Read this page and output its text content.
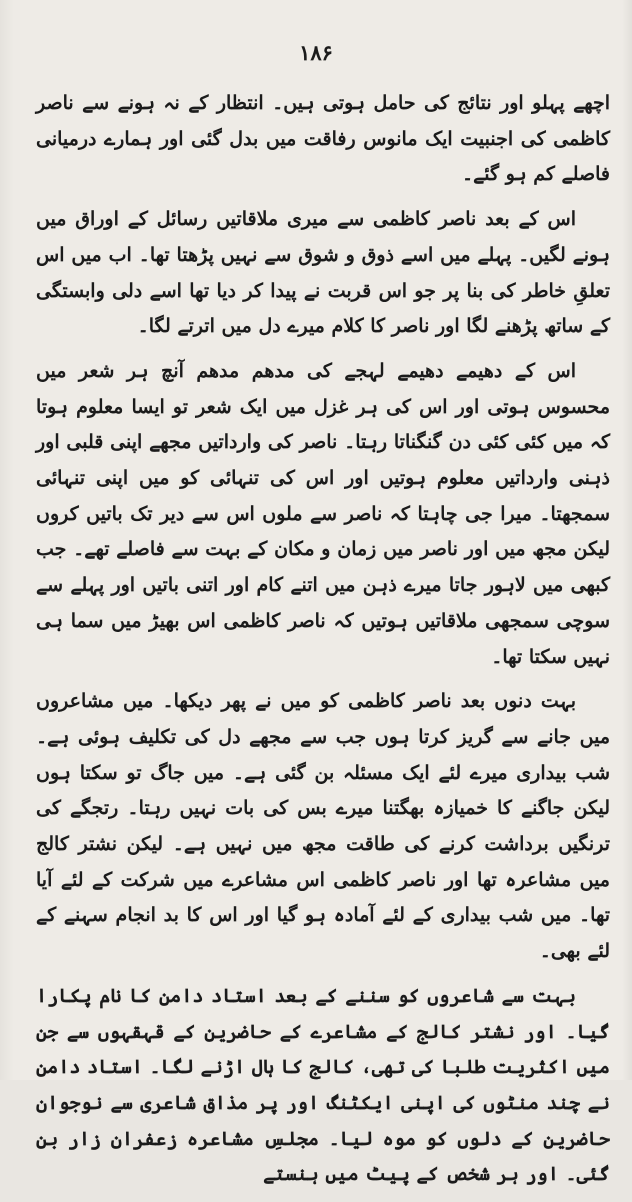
۱۸۶

اچھے پہلو اور نتائج کی حامل ہوتی ہیں۔ انتظار کے نہ ہونے سے ناصر کاظمی کی اجنبیت ایک مانوس رفاقت میں بدل گئی اور ہمارے درمیانی فاصلے کم ہو گئے۔

اس کے بعد ناصر کاظمی سے میری ملاقاتیں رسائل کے اوراق میں ہونے لگیں۔ پہلے میں اسے ذوق و شوق سے نہیں پڑھتا تھا۔ اب میں اس تعلقِ خاطر کی بنا پر جو اس قربت نے پیدا کر دیا تھا اسے دلی وابستگی کے ساتھ پڑھنے لگا اور ناصر کا کلام میرے دل میں اترتے لگا۔

اس کے دھیمے دھیمے لہجے کی مدھم مدھم آنچ ہر شعر میں محسوس ہوتی اور اس کی ہر غزل میں ایک شعر تو ایسا معلوم ہوتا کہ میں کئی کئی دن گنگناتا رہتا۔ ناصر کی وارداتیں مجھے اپنی قلبی اور ذہنی وارداتیں معلوم ہوتیں اور اس کی تنہائی کو میں اپنی تنہائی سمجھتا۔ میرا جی چاہتا کہ ناصر سے ملوں اس سے دیر تک باتیں کروں لیکن مجھ میں اور ناصر میں زمان و مکان کے بہت سے فاصلے تھے۔ جب کبھی میں لاہور جاتا میرے ذہن میں اتنے کام اور اتنی باتیں اور پہلے سے سوچی سمجھی ملاقاتیں ہوتیں کہ ناصر کاظمی اس بھیڑ میں سما ہی نہیں سکتا تھا۔

بہت دنوں بعد ناصر کاظمی کو میں نے پھر دیکھا۔ میں مشاعروں میں جانے سے گریز کرتا ہوں جب سے مجھے دل کی تکلیف ہوئی ہے۔ شب بیداری میرے لئے ایک مسئلہ بن گئی ہے۔ میں جاگ تو سکتا ہوں لیکن جاگنے کا خمیازہ بھگتنا میرے بس کی بات نہیں رہتا۔ رتجگے کی ترنگیں برداشت کرنے کی طاقت مجھ میں نہیں ہے۔ لیکن نشتر کالج میں مشاعرہ تھا اور ناصر کاظمی اس مشاعرے میں شرکت کے لئے آیا تھا۔ میں شب بیداری کے لئے آمادہ ہو گیا اور اس کا بد انجام سہنے کے لئے بھی۔

بہت سے شاعروں کو سننے کے بعد استاد دامن کا نام پکارا گیا۔ اور نشتر کالج کے مشاعرے کے حاضرین کے قہقہوں سے جن میں اکثریت طلبا کی تھی، کالج کا ہال اڑنے لگا۔ استاد دامن نے چند منٹوں کی اپنی ایکٹنگ اور پر مذاق شاعری سے نوجوان حاضرین کے دلوں کو موہ لیا۔ مجلسِ مشاعرہ زعفران زار بن گئی۔ اور ہر شخص کے پیٹ میں ہنستے
